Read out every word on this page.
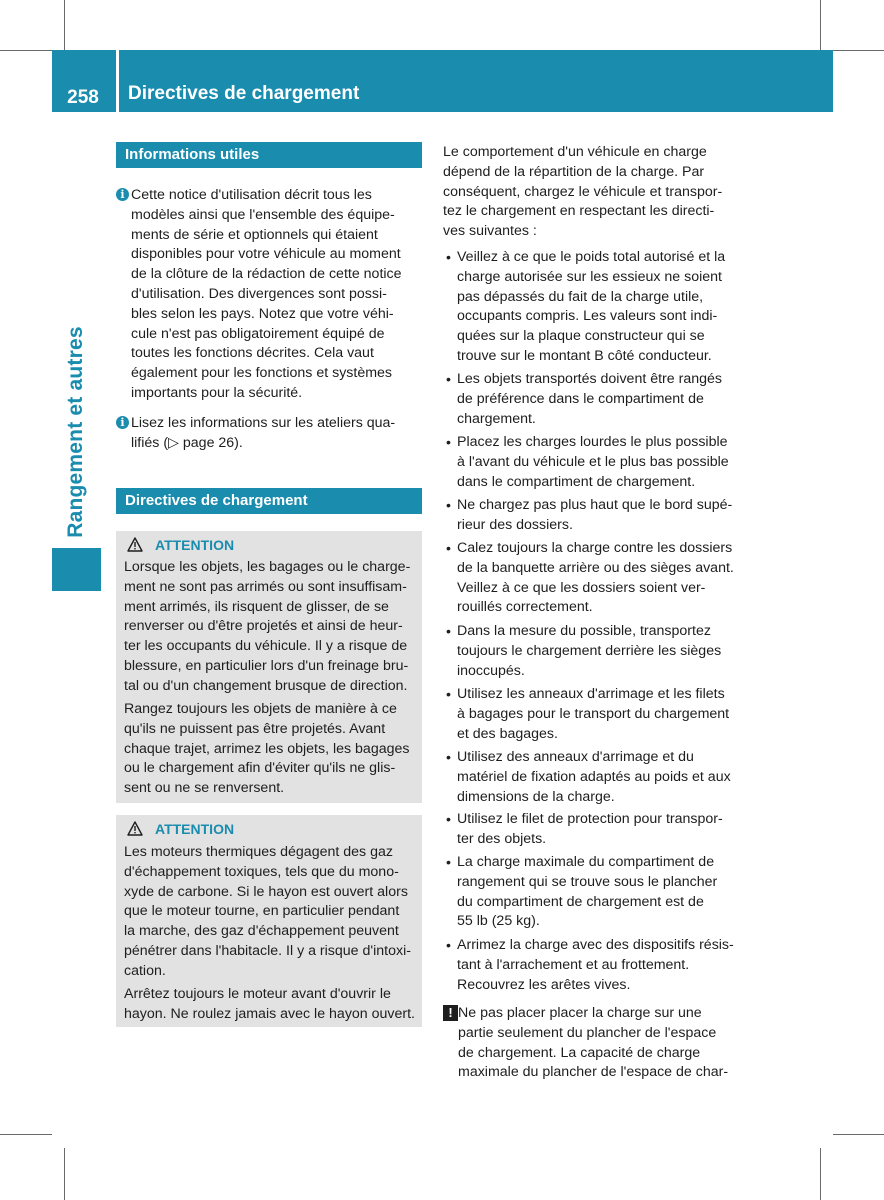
258	Directives de chargement
Rangement et autres
Informations utiles
i Cette notice d'utilisation décrit tous les
modèles ainsi que l'ensemble des équipe-
ments de série et optionnels qui étaient
disponibles pour votre véhicule au moment
de la clôture de la rédaction de cette notice
d'utilisation. Des divergences sont possi-
bles selon les pays. Notez que votre véhi-
cule n'est pas obligatoirement équipé de
toutes les fonctions décrites. Cela vaut
également pour les fonctions et systèmes
importants pour la sécurité.
i Lisez les informations sur les ateliers qua-
lifiés (▷ page 26).
Directives de chargement
ATTENTION
Lorsque les objets, les bagages ou le charge-
ment ne sont pas arrimés ou sont insuffisam-
ment arrimés, ils risquent de glisser, de se
renverser ou d'être projetés et ainsi de heur-
ter les occupants du véhicule. Il y a risque de
blessure, en particulier lors d'un freinage bru-
tal ou d'un changement brusque de direction.
Rangez toujours les objets de manière à ce
qu'ils ne puissent pas être projetés. Avant
chaque trajet, arrimez les objets, les bagages
ou le chargement afin d'éviter qu'ils ne glis-
sent ou ne se renversent.
ATTENTION
Les moteurs thermiques dégagent des gaz
d'échappement toxiques, tels que du mono-
xyde de carbone. Si le hayon est ouvert alors
que le moteur tourne, en particulier pendant
la marche, des gaz d'échappement peuvent
pénétrer dans l'habitacle. Il y a risque d'intoxi-
cation.
Arrêtez toujours le moteur avant d'ouvrir le
hayon. Ne roulez jamais avec le hayon ouvert.
Le comportement d'un véhicule en charge
dépend de la répartition de la charge. Par
conséquent, chargez le véhicule et transpor-
tez le chargement en respectant les directi-
ves suivantes :
• Veillez à ce que le poids total autorisé et la
charge autorisée sur les essieux ne soient
pas dépassés du fait de la charge utile,
occupants compris. Les valeurs sont indi-
quées sur la plaque constructeur qui se
trouve sur le montant B côté conducteur.
• Les objets transportés doivent être rangés
de préférence dans le compartiment de
chargement.
• Placez les charges lourdes le plus possible
à l'avant du véhicule et le plus bas possible
dans le compartiment de chargement.
• Ne chargez pas plus haut que le bord supé-
rieur des dossiers.
• Calez toujours la charge contre les dossiers
de la banquette arrière ou des sièges avant.
Veillez à ce que les dossiers soient ver-
rouillés correctement.
• Dans la mesure du possible, transportez
toujours le chargement derrière les sièges
inoccupés.
• Utilisez les anneaux d'arrimage et les filets
à bagages pour le transport du chargement
et des bagages.
• Utilisez des anneaux d'arrimage et du
matériel de fixation adaptés au poids et aux
dimensions de la charge.
• Utilisez le filet de protection pour transpor-
ter des objets.
• La charge maximale du compartiment de
rangement qui se trouve sous le plancher
du compartiment de chargement est de
55 lb (25 kg).
• Arrimez la charge avec des dispositifs résis-
tant à l'arrachement et au frottement.
Recouvrez les arêtes vives.
! Ne pas placer placer la charge sur une
partie seulement du plancher de l'espace
de chargement. La capacité de charge
maximale du plancher de l'espace de char-
